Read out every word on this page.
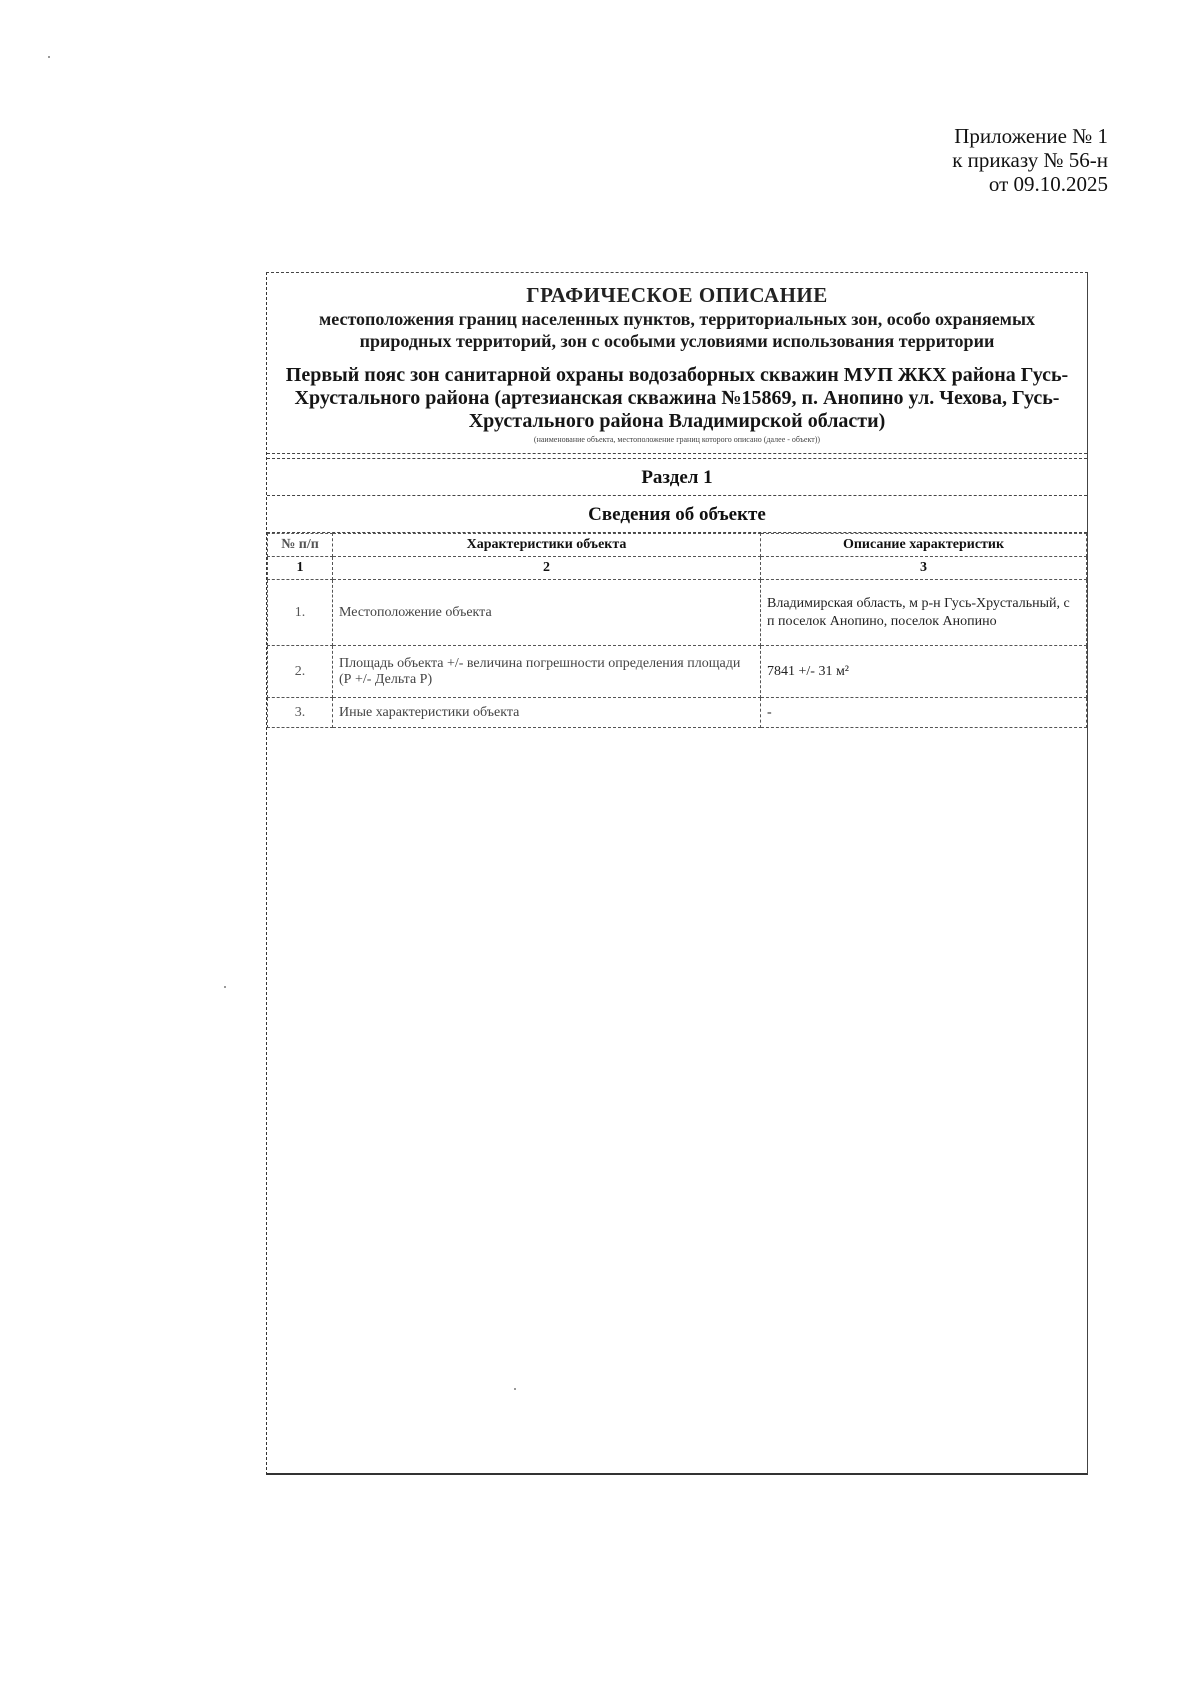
Приложение № 1
к приказу № 56-н
от 09.10.2025
ГРАФИЧЕСКОЕ ОПИСАНИЕ
местоположения границ населенных пунктов, территориальных зон, особо охраняемых природных территорий, зон с особыми условиями использования территории
Первый пояс зон санитарной охраны водозаборных скважин МУП ЖКХ района Гусь-Хрустального района (артезианская скважина №15869, п. Анопино ул. Чехова, Гусь-Хрустального района Владимирской области)
(наименование объекта, местоположение границ которого описано (далее - объект))
Раздел 1
Сведения об объекте
№ п/п	Характеристики объекта	Описание характеристик
1	2	3
1.	Местоположение объекта	Владимирская область, м р-н Гусь-Хрустальный, с п поселок Анопино, поселок Анопино
2.	Площадь объекта +/- величина погрешности определения площади (Р +/- Дельта Р)	7841 +/- 31 м²
3.	Иные характеристики объекта	-
